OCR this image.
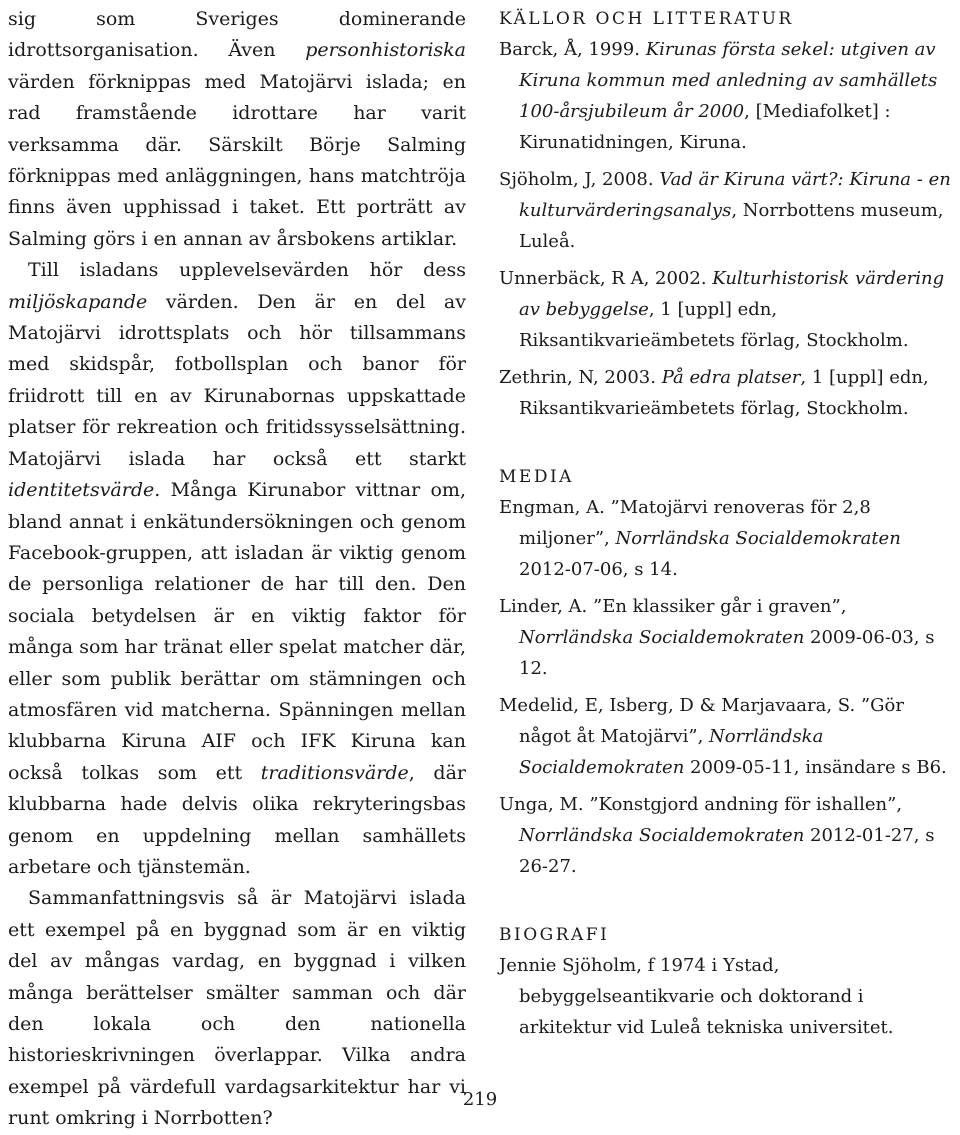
sig som Sveriges dominerande idrottsorganisation. Även personhistoriska värden förknippas med Matojärvi islada; en rad framstående idrottare har varit verksamma där. Särskilt Börje Salming förknippas med anläggningen, hans matchtröja finns även upphissad i taket. Ett porträtt av Salming görs i en annan av årsbokens artiklar.

Till isladans upplevelsevärden hör dess miljöskapande värden. Den är en del av Matojärvi idrottsplats och hör tillsammans med skidspår, fotbollsplan och banor för friidrott till en av Kirunabornas uppskattade platser för rekreation och fritidssysselsättning. Matojärvi islada har också ett starkt identitetsvärde. Många Kirunabor vittnar om, bland annat i enkätundersökningen och genom Facebook-gruppen, att isladan är viktig genom de personliga relationer de har till den. Den sociala betydelsen är en viktig faktor för många som har tränat eller spelat matcher där, eller som publik berättar om stämningen och atmosfären vid matcherna. Spänningen mellan klubbarna Kiruna AIF och IFK Kiruna kan också tolkas som ett traditionsvärde, där klubbarna hade delvis olika rekryteringsbas genom en uppdelning mellan samhällets arbetare och tjänstemän.

Sammanfattningsvis så är Matojärvi islada ett exempel på en byggnad som är en viktig del av mångas vardag, en byggnad i vilken många berättelser smälter samman och där den lokala och den nationella historieskrivningen överlappar. Vilka andra exempel på värdefull vardagsarkitektur har vi runt omkring i Norrbotten?

KÄLLOR OCH LITTERATUR
Barck, Å, 1999. Kirunas första sekel: utgiven av Kiruna kommun med anledning av samhällets 100-årsjubileum år 2000, [Mediafolket] : Kirunatidningen, Kiruna.
Sjöholm, J, 2008. Vad är Kiruna värt?: Kiruna - en kulturvärderingsanalys, Norrbottens museum, Luleå.
Unnerbäck, R A, 2002. Kulturhistorisk värdering av bebyggelse, 1 [uppl] edn, Riksantikvarieämbetets förlag, Stockholm.
Zethrin, N, 2003. På edra platser, 1 [uppl] edn, Riksantikvarieämbetets förlag, Stockholm.
MEDIA
Engman, A. ”Matojärvi renoveras för 2,8 miljoner”, Norrländska Socialdemokraten 2012-07-06, s 14.
Linder, A. ”En klassiker går i graven”, Norrländska Socialdemokraten 2009-06-03, s 12.
Medelid, E, Isberg, D & Marjavaara, S. ”Gör något åt Matojärvi”, Norrländska Socialdemokraten 2009-05-11, insändare s B6.
Unga, M. ”Konstgjord andning för ishallen”, Norrländska Socialdemokraten 2012-01-27, s 26-27.
BIOGRAFI
Jennie Sjöholm, f 1974 i Ystad, bebyggelseantikvarie och doktorand i arkitektur vid Luleå tekniska universitet.
219
